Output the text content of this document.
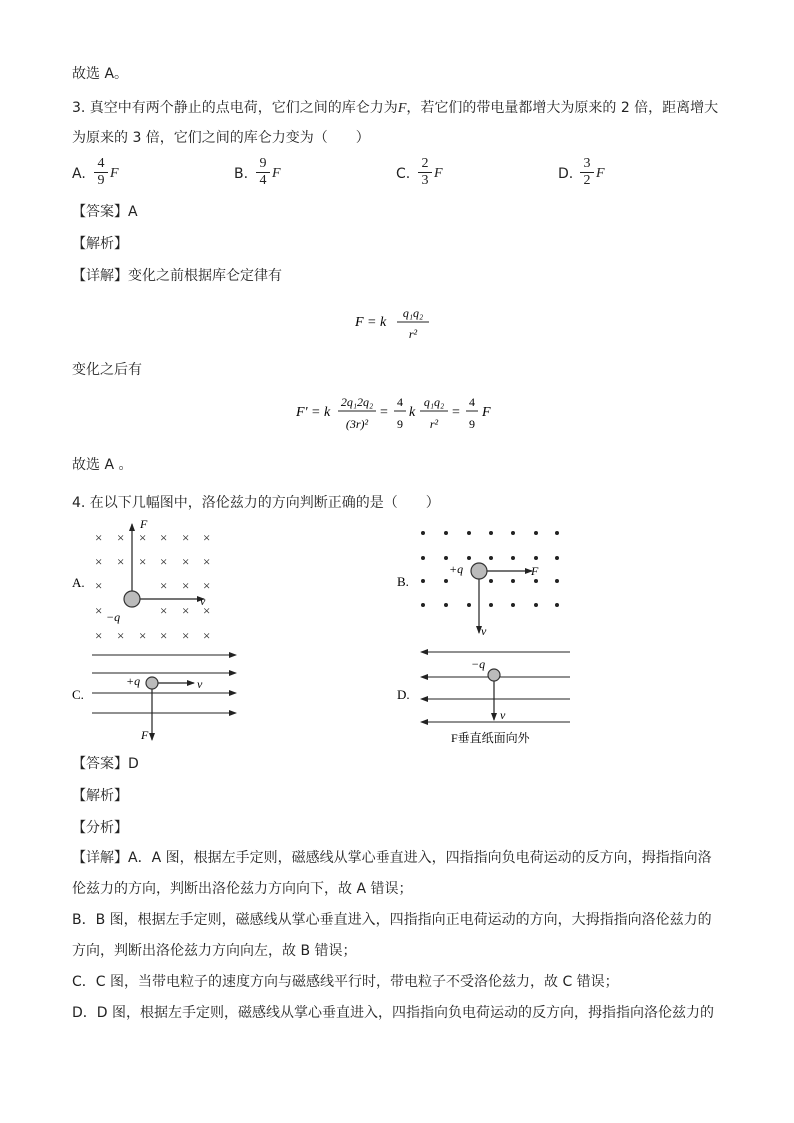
故选 A。
3. 真空中有两个静止的点电荷，它们之间的库仑力为F，若它们的带电量都增大为原来的 2 倍，距离增大
为原来的 3 倍，它们之间的库仑力变为（　　）
A. $\frac{4}{9}$ F	B. $\frac{9}{4}$ F	C. $\frac{2}{3}$ F	D. $\frac{3}{2}$ F
【答案】A
【解析】
【详解】变化之前根据库仑定律有
F = k
q₁q₂
r²
变化之后有
F' = k
2q₁2q₂
(3r)²
=
4
9
k
q₁q₂
r²
=
4
9
F
故选 A 。
4. 在以下几幅图中，洛伦兹力的方向判断正确的是（　　）
A.
× × × × × ×
× × × × × ×
×	× × ×
×	× × ×
× × × × × ×
F
v
−q
B.
F
v
+q
C.
v
F
+q
D.
v
−q
F垂直纸面向外
【答案】D
【解析】
【分析】
【详解】A．A 图，根据左手定则，磁感线从掌心垂直进入，四指指向负电荷运动的反方向，拇指指向洛
伦兹力的方向，判断出洛伦兹力方向向下，故 A 错误；
B．B 图，根据左手定则，磁感线从掌心垂直进入，四指指向正电荷运动的方向，大拇指指向洛伦兹力的
方向，判断出洛伦兹力方向向左，故 B 错误；
C．C 图，当带电粒子的速度方向与磁感线平行时，带电粒子不受洛伦兹力，故 C 错误；
D．D 图，根据左手定则，磁感线从掌心垂直进入，四指指向负电荷运动的反方向，拇指指向洛伦兹力的
